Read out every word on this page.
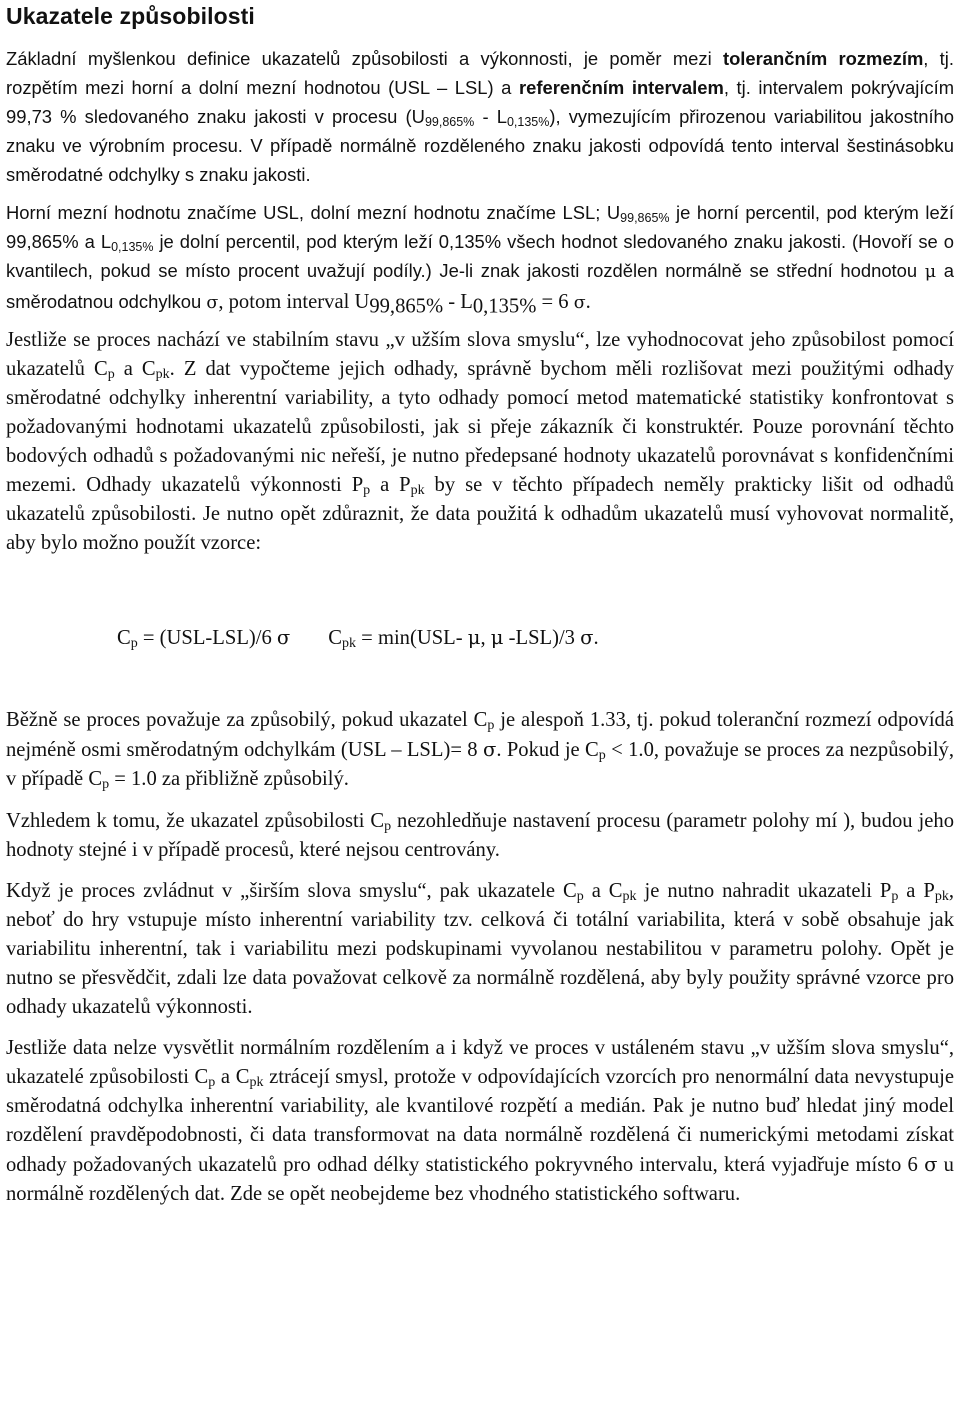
Ukazatele způsobilosti

Základní myšlenkou definice ukazatelů způsobilosti a výkonnosti, je poměr mezi tolerančním rozmezím, tj. rozpětím mezi horní a dolní mezní hodnotou (USL – LSL) a referenčním intervalem, tj. intervalem pokrývajícím 99,73 % sledovaného znaku jakosti v procesu $(U_{99,865\%} - L_{0,135\%})$, vymezujícím přirozenou variabilitou jakostního znaku ve výrobním procesu. V případě normálně rozděleného znaku jakosti odpovídá tento interval šestinásobku směrodatné odchylky s znaku jakosti.

Horní mezní hodnotu značíme USL, dolní mezní hodnotu značíme LSL; $U_{99,865\%}$ je horní percentil, pod kterým leží 99,865% a $L_{0,135\%}$ je dolní percentil, pod kterým leží 0,135% všech hodnot sledovaného znaku jakosti. (Hovoří se o kvantilech, pokud se místo procent uvažují podíly.) Je-li znak jakosti rozdělen normálně se střední hodnotou μ a směrodatnou odchylkou σ, potom interval $U_{99,865\%} - L_{0,135\%} = 6$ σ.

Jestliže se proces nachází ve stabilním stavu „v užším slova smyslu“, lze vyhodnocovat jeho způsobilost pomocí ukazatelů $C_p$ a $C_{pk}$. Z dat vypočteme jejich odhady, správně bychom měli rozlišovat mezi použitými odhady směrodatné odchylky inherentní variability, a tyto odhady pomocí metod matematické statistiky konfrontovat s požadovanými hodnotami ukazatelů způsobilosti, jak si přeje zákazník či konstruktér. Pouze porovnání těchto bodových odhadů s požadovanými nic neřeší, je nutno předepsané hodnoty ukazatelů porovnávat s konfidenčními mezemi. Odhady ukazatelů výkonnosti $P_p$ a $P_{pk}$ by se v těchto případech neměly prakticky lišit od odhadů ukazatelů způsobilosti. Je nutno opět zdůraznit, že data použitá k odhadům ukazatelů musí vyhovovat normalitě, aby bylo možno použít vzorce:

$C_p = (USL-LSL)/6$ σ $C_{pk} = \min(USL-$ μ, μ -LSL)/3 σ.

Běžně se proces považuje za způsobilý, pokud ukazatel $C_p$ je alespoň 1.33, tj. pokud toleranční rozmezí odpovídá nejméně osmi směrodatným odchylkám (USL – LSL)= 8 σ. Pokud je $C_p < 1.0$, považuje se proces za nezpůsobilý, v případě $C_p = 1.0$ za přibližně způsobilý.

Vzhledem k tomu, že ukazatel způsobilosti $C_p$ nezohledňuje nastavení procesu (parametr polohy mí ), budou jeho hodnoty stejné i v případě procesů, které nejsou centrovány.

Když je proces zvládnut v „širším slova smyslu“, pak ukazatele $C_p$ a $C_{pk}$ je nutno nahradit ukazateli $P_p$ a $P_{pk}$, neboť do hry vstupuje místo inherentní variability tzv. celková či totální variabilita, která v sobě obsahuje jak variabilitu inherentní, tak i variabilitu mezi podskupinami vyvolanou nestabilitou v parametru polohy. Opět je nutno se přesvědčit, zdali lze data považovat celkově za normálně rozdělená, aby byly použity správné vzorce pro odhady ukazatelů výkonnosti.

Jestliže data nelze vysvětlit normálním rozdělením a i když ve proces v ustáleném stavu „v užším slova smyslu“, ukazatelé způsobilosti $C_p$ a $C_{pk}$ ztrácejí smysl, protože v odpovídajících vzorcích pro nenormální data nevystupuje směrodatná odchylka inherentní variability, ale kvantilové rozpětí a medián. Pak je nutno buď hledat jiný model rozdělení pravděpodobnosti, či data transformovat na data normálně rozdělená či numerickými metodami získat odhady požadovaných ukazatelů pro odhad délky statistického pokryvného intervalu, která vyjadřuje místo 6 σ u normálně rozdělených dat. Zde se opět neobejdeme bez vhodného statistického softwaru.
